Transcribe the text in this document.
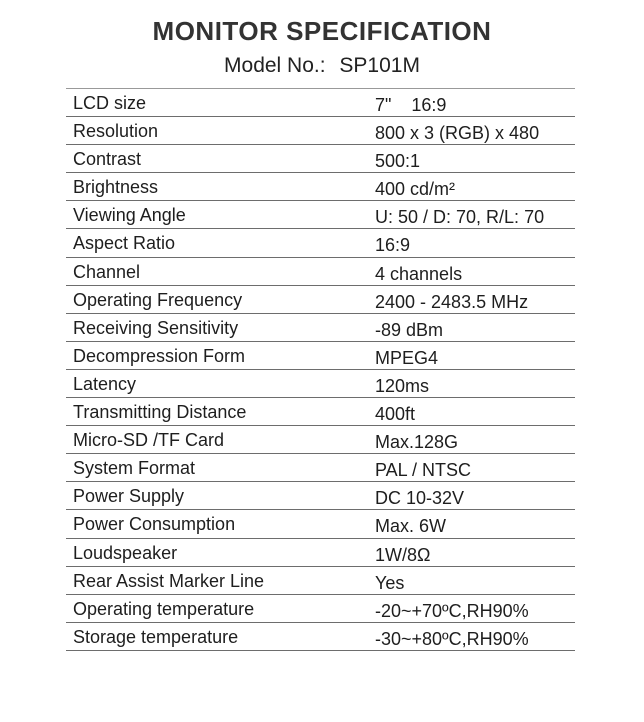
MONITOR SPECIFICATION
Model No.: SP101M
LCD size	7"    16:9
Resolution	800 x 3 (RGB) x 480
Contrast	500:1
Brightness	400 cd/m²
Viewing Angle	U: 50 / D: 70, R/L: 70
Aspect Ratio	16:9
Channel	4 channels
Operating Frequency	2400 - 2483.5 MHz
Receiving Sensitivity	-89 dBm
Decompression Form	MPEG4
Latency	120ms
Transmitting Distance	400ft
Micro-SD /TF Card	Max.128G
System Format	PAL / NTSC
Power Supply	DC 10-32V
Power Consumption	Max. 6W
Loudspeaker	1W/8Ω
Rear Assist Marker Line	Yes
Operating temperature	-20~+70ºC,RH90%
Storage temperature	-30~+80ºC,RH90%
